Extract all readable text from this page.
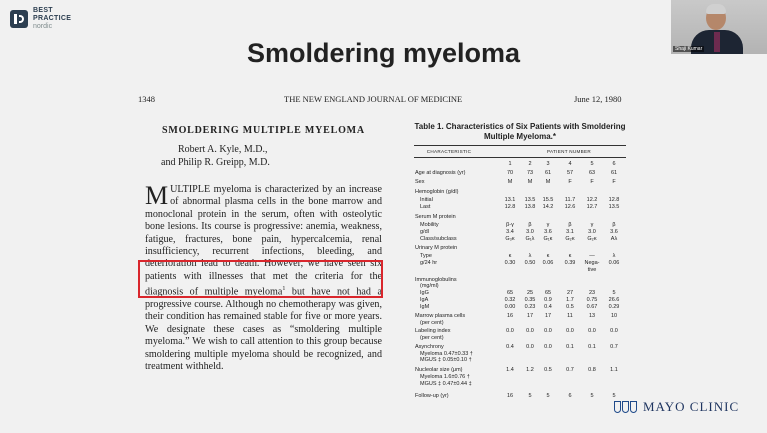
BEST
PRACTICE
nordic
Smoldering myeloma	Shaji Kumar
1348	THE NEW ENGLAND JOURNAL OF MEDICINE	June 12, 1980
SMOLDERING MULTIPLE MYELOMA
Robert A. Kyle, M.D.,
and Philip R. Greipp, M.D.

MULTIPLE myeloma is characterized by an increase of abnormal plasma cells in the bone marrow and monoclonal protein in the serum, often with osteolytic bone lesions. Its course is progressive: anemia, weakness, fatigue, fractures, bone pain, hypercalcemia, renal insufficiency, recurrent infections, bleeding, and deterioration lead to death. However, we have seen six patients with illnesses that met the criteria for the diagnosis of multiple myeloma$^1$ but have not had a progressive course. Although no chemotherapy was given, their condition has remained stable for five or more years. We designate these cases as “smoldering multiple myeloma.” We wish to call attention to this group because smoldering multiple myeloma should be recognized, and treatment withheld.

Table 1. Characteristics of Six Patients with Smoldering Multiple Myeloma.*
CHARACTERISTIC	PATIENT NUMBER
1	2	3	4	5	6
Age at diagnosis (yr)	70	73	61	57	63	61
Sex	M	M	M	F	F	F
Hemoglobin (g/dl)
Initial	13.1	13.5	15.5	11.7	12.2	12.8
Last	12.8	13.8	14.2	12.6	12.7	13.5
Serum M protein
Mobility	β-γ	β	γ	β	γ	β
g/dl	3.4	3.0	3.6	3.1	3.0	3.6
Class/subclass	G₃κ	G₁λ	G₁κ	G₂κ	G₂κ	Aλ
Urinary M protein
Type	κ	λ	κ	κ	—	λ
g/24 hr	0.30	0.50	0.06	0.39	Nega-	0.06
tive
Immunoglobulins
(mg/ml)
IgG	65	25	65	27	23	5
IgA	0.32	0.35	0.9	1.7	0.75	26.6
IgM	0.00	0.23	0.4	0.5	0.67	0.29
Marrow plasma cells	16	17	17	11	13	10
(per cent)
Labeling index	0.0	0.0	0.0	0.0	0.0	0.0
(per cent)
Asynchrony	0.4	0.0	0.0	0.1	0.1	0.7
Myeloma 0.47±0.33 †
MGUS ‡ 0.05±0.10 †
Nucleolar size (μm)	1.4	1.2	0.5	0.7	0.8	1.1
Myeloma 1.6±0.76 †
MGUS ‡ 0.47±0.44 ‡
Follow-up (yr)	16	5	5	6	5	5
MAYO CLINIC
